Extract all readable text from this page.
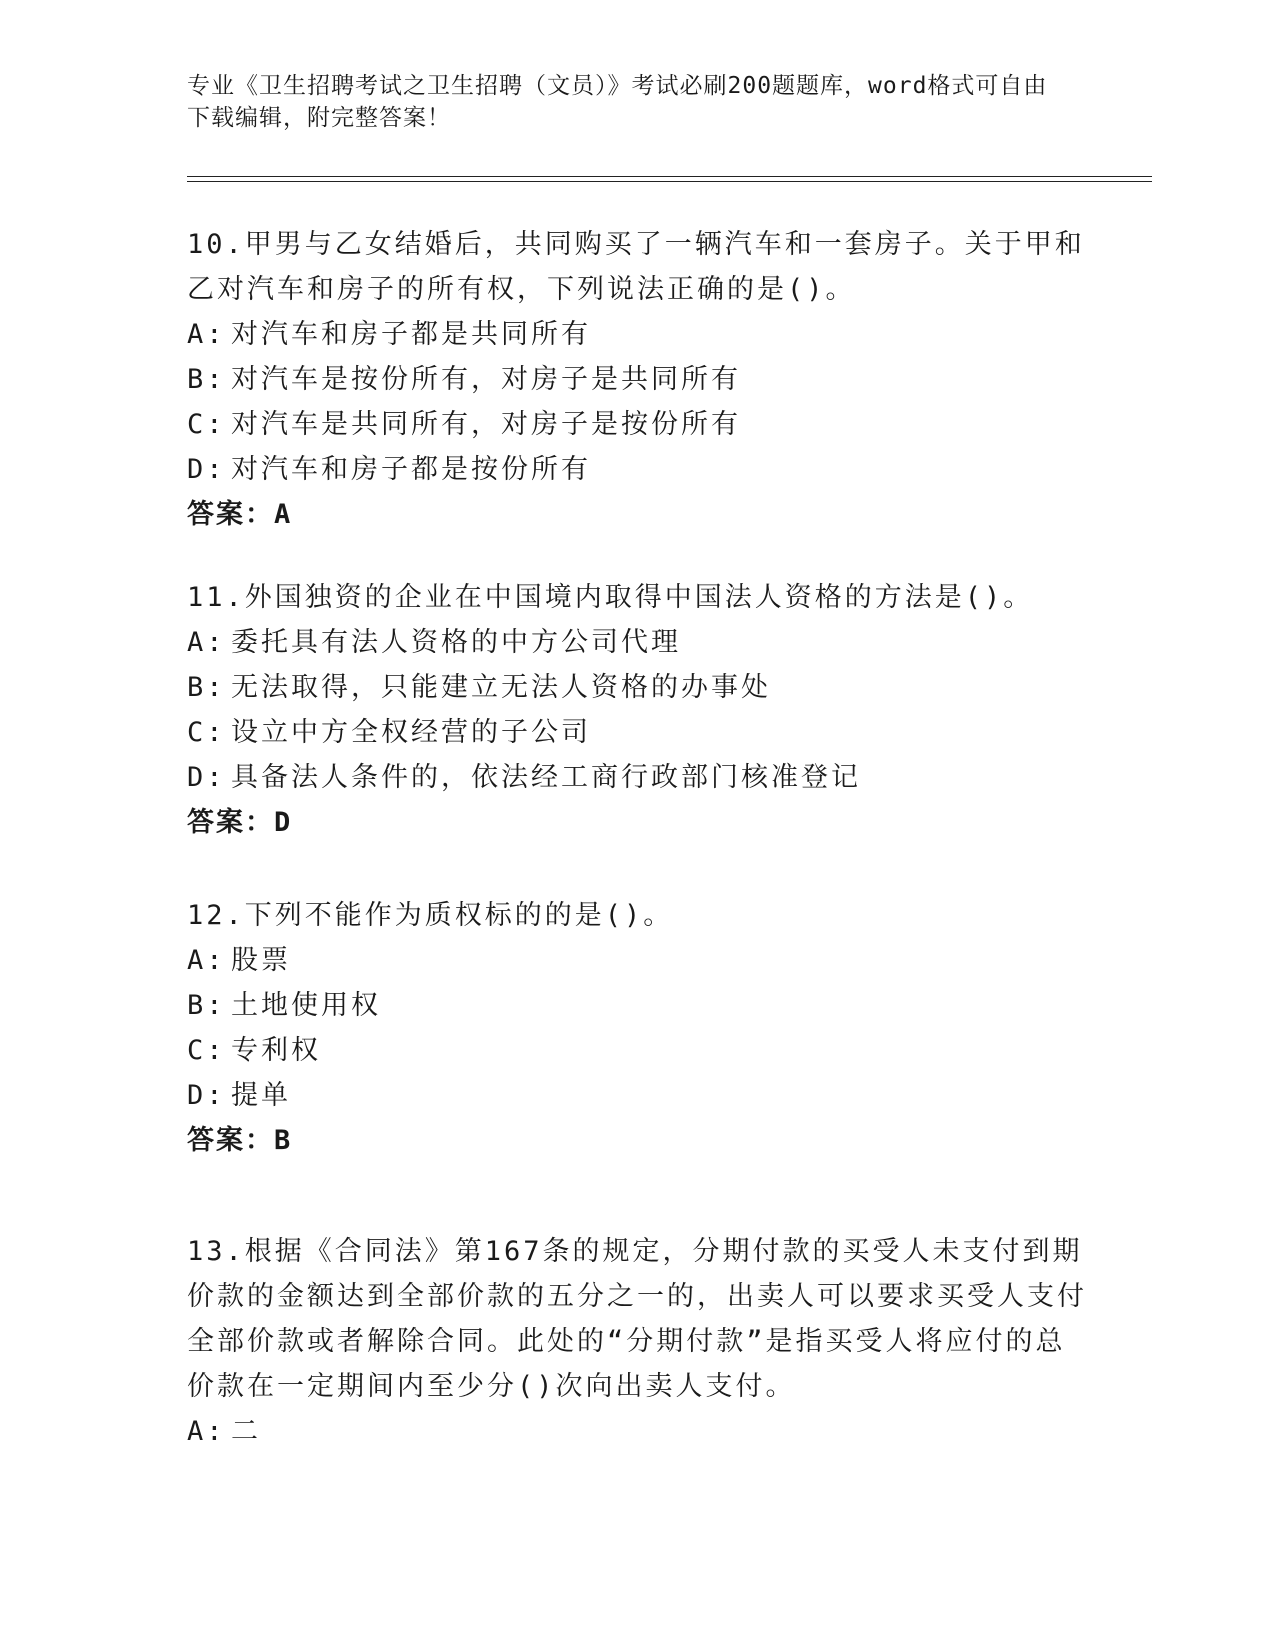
专业《卫生招聘考试之卫生招聘（文员）》考试必刷200题题库，word格式可自由下载编辑，附完整答案！

10.甲男与乙女结婚后，共同购买了一辆汽车和一套房子。关于甲和乙对汽车和房子的所有权，下列说法正确的是()。

A: 对汽车和房子都是共同所有
B: 对汽车是按份所有，对房子是共同所有
C: 对汽车是共同所有，对房子是按份所有
D: 对汽车和房子都是按份所有
答案：A

11.外国独资的企业在中国境内取得中国法人资格的方法是()。

A: 委托具有法人资格的中方公司代理
B: 无法取得，只能建立无法人资格的办事处
C: 设立中方全权经营的子公司
D: 具备法人条件的，依法经工商行政部门核准登记
答案：D

12.下列不能作为质权标的的是()。

A: 股票
B: 土地使用权
C: 专利权
D: 提单
答案：B

13.根据《合同法》第167条的规定，分期付款的买受人未支付到期价款的金额达到全部价款的五分之一的，出卖人可以要求买受人支付全部价款或者解除合同。此处的“分期付款”是指买受人将应付的总价款在一定期间内至少分()次向出卖人支付。

A: 二
